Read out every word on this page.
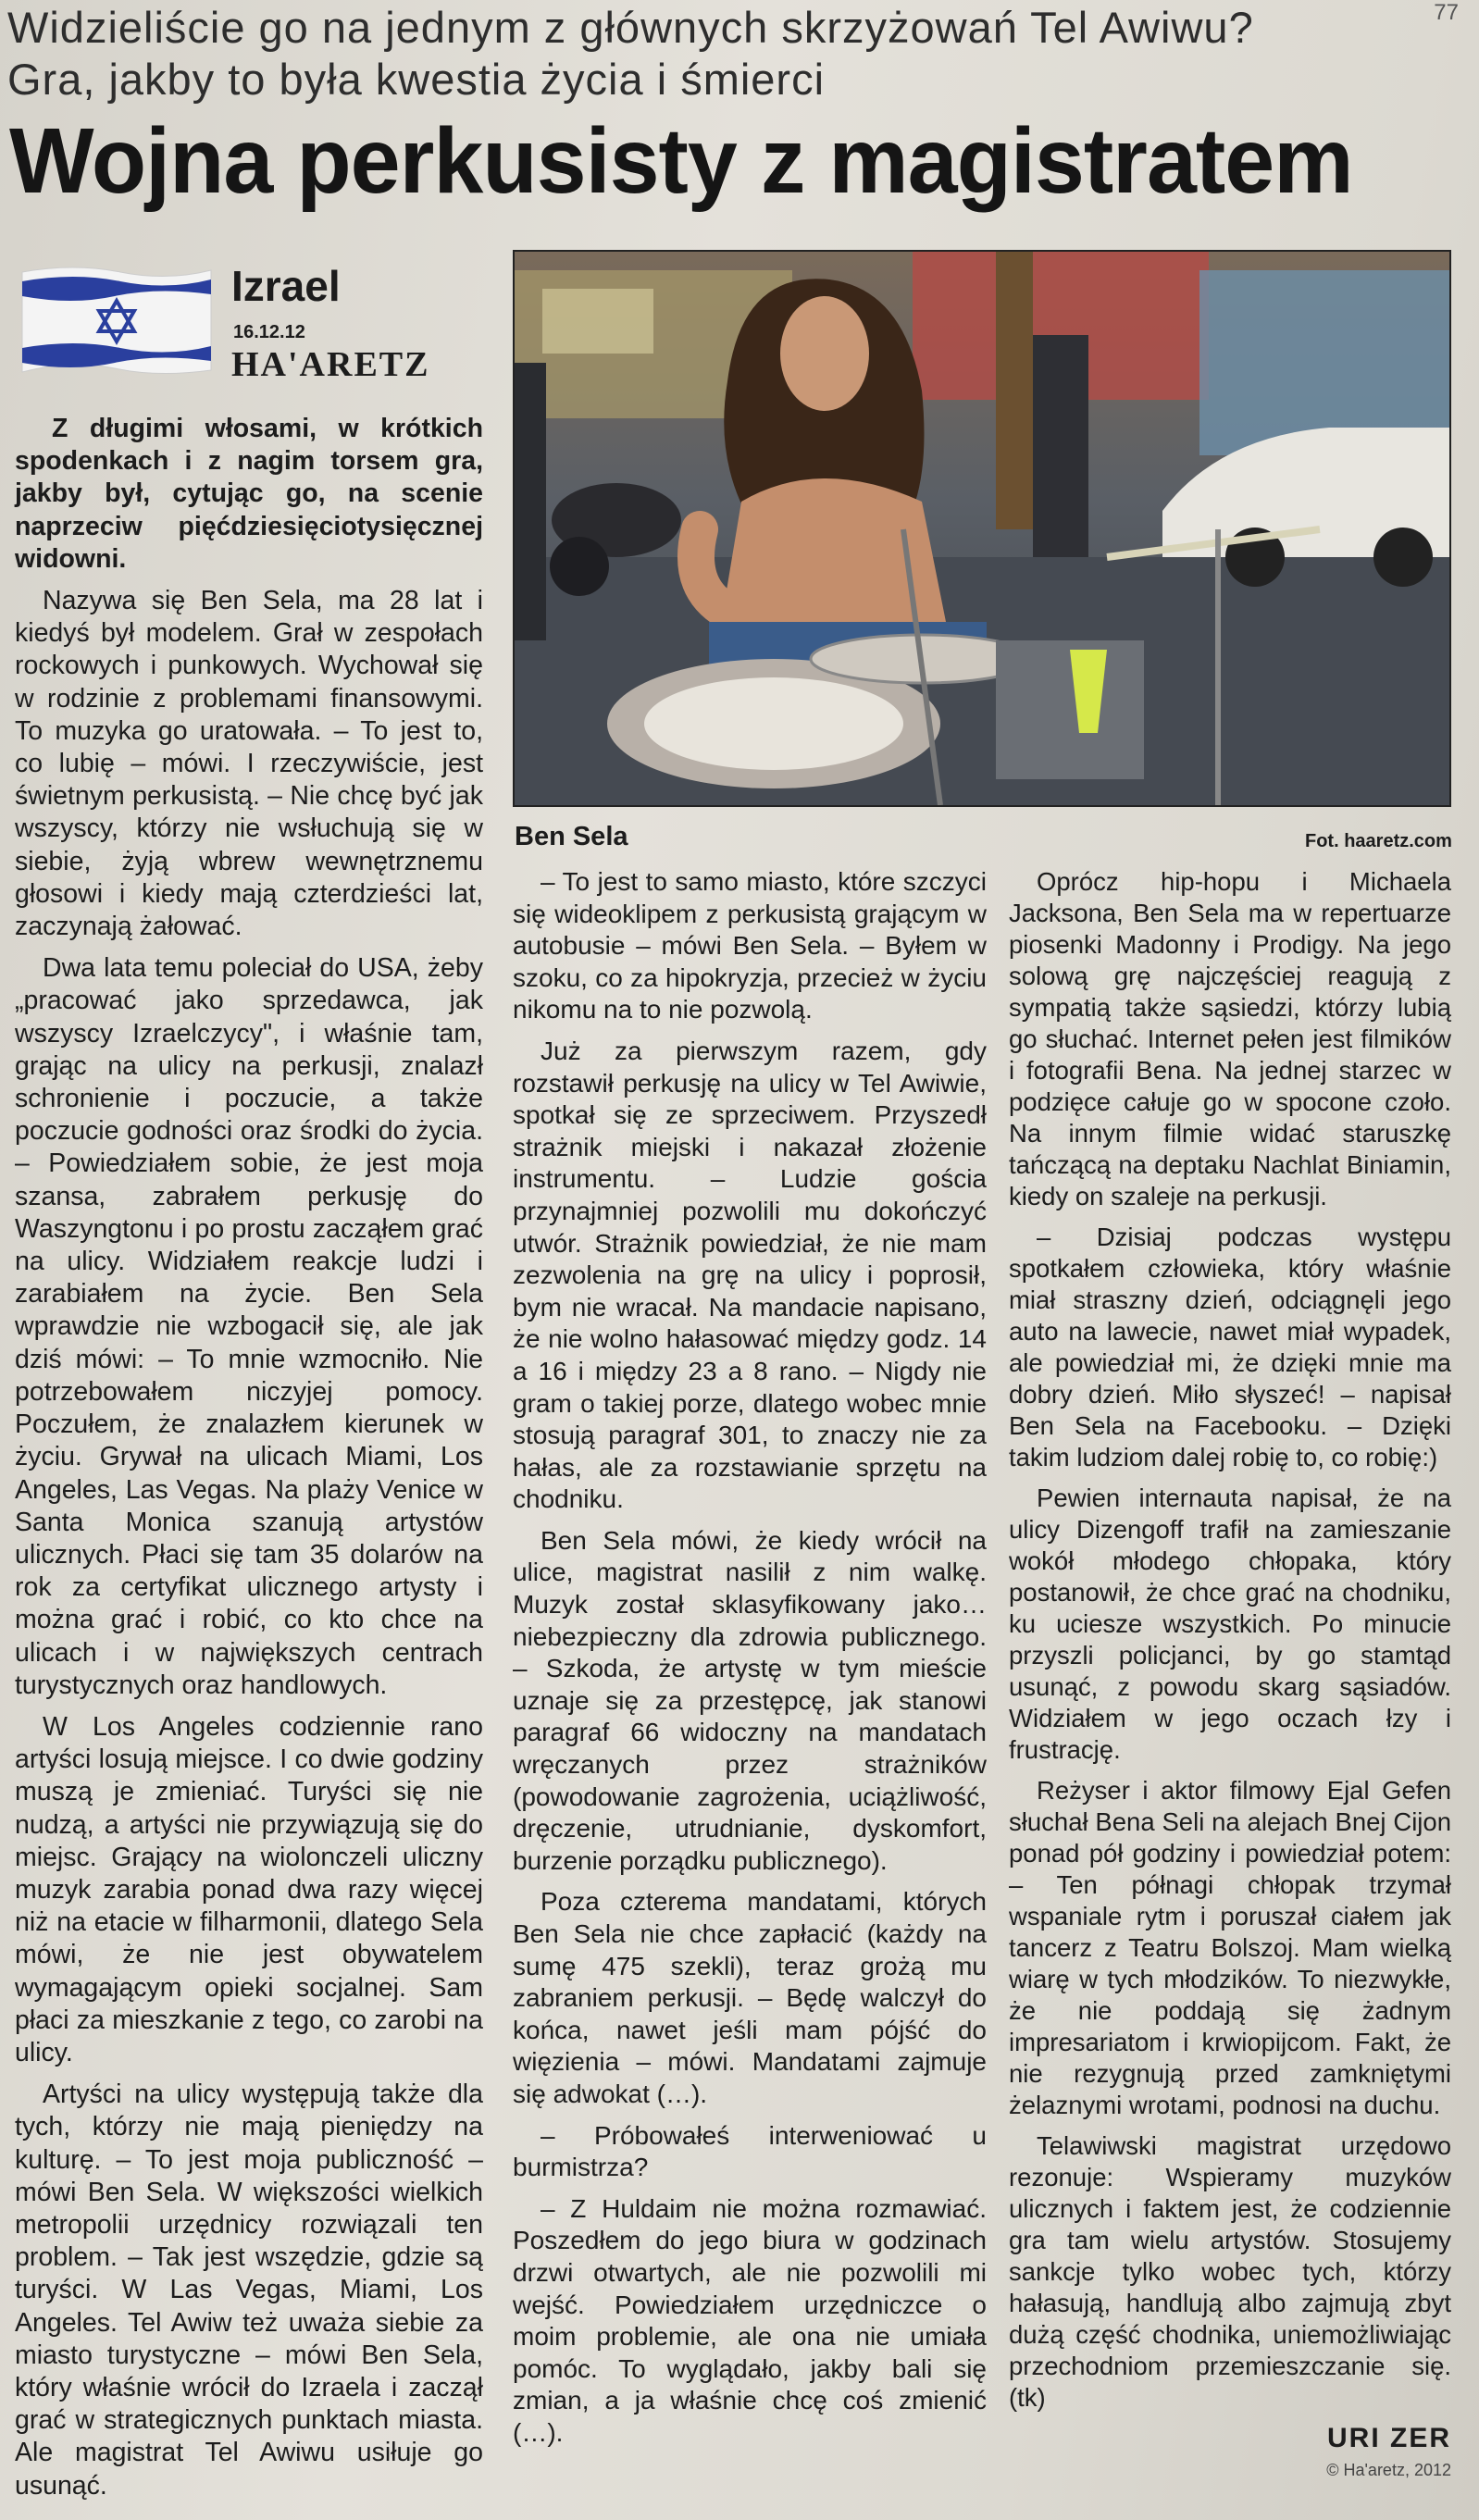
77
Widzieliście go na jednym z głównych skrzyżowań Tel Awiwu?
Gra, jakby to była kwestia życia i śmierci
Wojna perkusisty z magistratem
Izrael
16.12.12
HA'ARETZ
Ben Sela	Fot. haaretz.com

Z długimi włosami, w krótkich spodenkach i z nagim torsem gra, jakby był, cytując go, na scenie naprzeciw pięćdziesięciotysięcznej widowni.

Nazywa się Ben Sela, ma 28 lat i kiedyś był modelem. Grał w zespołach rockowych i punkowych. Wychował się w rodzinie z problemami finansowymi. To muzyka go uratowała. – To jest to, co lubię – mówi. I rzeczywiście, jest świetnym perkusistą. – Nie chcę być jak wszyscy, którzy nie wsłuchują się w siebie, żyją wbrew wewnętrznemu głosowi i kiedy mają czterdzieści lat, zaczynają żałować.

Dwa lata temu poleciał do USA, żeby „pracować jako sprzedawca, jak wszyscy Izraelczycy", i właśnie tam, grając na ulicy na perkusji, znalazł schronienie i poczucie, a także poczucie godności oraz środki do życia. – Powiedziałem sobie, że jest moja szansa, zabrałem perkusję do Waszyngtonu i po prostu zacząłem grać na ulicy. Widziałem reakcje ludzi i zarabiałem na życie. Ben Sela wprawdzie nie wzbogacił się, ale jak dziś mówi: – To mnie wzmocniło. Nie potrzebowałem niczyjej pomocy. Poczułem, że znalazłem kierunek w życiu. Grywał na ulicach Miami, Los Angeles, Las Vegas. Na plaży Venice w Santa Monica szanują artystów ulicznych. Płaci się tam 35 dolarów na rok za certyfikat ulicznego artysty i można grać i robić, co kto chce na ulicach i w największych centrach turystycznych oraz handlowych.

W Los Angeles codziennie rano artyści losują miejsce. I co dwie godziny muszą je zmieniać. Turyści się nie nudzą, a artyści nie przywiązują się do miejsc. Grający na wiolonczeli uliczny muzyk zarabia ponad dwa razy więcej niż na etacie w filharmonii, dlatego Sela mówi, że nie jest obywatelem wymagającym opieki socjalnej. Sam płaci za mieszkanie z tego, co zarobi na ulicy.

Artyści na ulicy występują także dla tych, którzy nie mają pieniędzy na kulturę. – To jest moja publiczność – mówi Ben Sela. W większości wielkich metropolii urzędnicy rozwiązali ten problem. – Tak jest wszędzie, gdzie są turyści. W Las Vegas, Miami, Los Angeles. Tel Awiw też uważa siebie za miasto turystyczne – mówi Ben Sela, który właśnie wrócił do Izraela i zaczął grać w strategicznych punktach miasta. Ale magistrat Tel Awiwu usiłuje go usunąć.

– To jest to samo miasto, które szczyci się wideoklipem z perkusistą grającym w autobusie – mówi Ben Sela. – Byłem w szoku, co za hipokryzja, przecież w życiu nikomu na to nie pozwolą.

Już za pierwszym razem, gdy rozstawił perkusję na ulicy w Tel Awiwie, spotkał się ze sprzeciwem. Przyszedł strażnik miejski i nakazał złożenie instrumentu. – Ludzie gościa przynajmniej pozwolili mu dokończyć utwór. Strażnik powiedział, że nie mam zezwolenia na grę na ulicy i poprosił, bym nie wracał. Na mandacie napisano, że nie wolno hałasować między godz. 14 a 16 i między 23 a 8 rano. – Nigdy nie gram o takiej porze, dlatego wobec mnie stosują paragraf 301, to znaczy nie za hałas, ale za rozstawianie sprzętu na chodniku.

Ben Sela mówi, że kiedy wrócił na ulice, magistrat nasilił z nim walkę. Muzyk został sklasyfikowany jako… niebezpieczny dla zdrowia publicznego. – Szkoda, że artystę w tym mieście uznaje się za przestępcę, jak stanowi paragraf 66 widoczny na mandatach wręczanych przez strażników (powodowanie zagrożenia, uciążliwość, dręczenie, utrudnianie, dyskomfort, burzenie porządku publicznego).

Poza czterema mandatami, których Ben Sela nie chce zapłacić (każdy na sumę 475 szekli), teraz grożą mu zabraniem perkusji. – Będę walczył do końca, nawet jeśli mam pójść do więzienia – mówi. Mandatami zajmuje się adwokat (…).

– Próbowałeś interweniować u burmistrza?

– Z Huldaim nie można rozmawiać. Poszedłem do jego biura w godzinach drzwi otwartych, ale nie pozwolili mi wejść. Powiedziałem urzędniczce o moim problemie, ale ona nie umiała pomóc. To wyglądało, jakby bali się zmian, a ja właśnie chcę coś zmienić (…).

Oprócz hip-hopu i Michaela Jacksona, Ben Sela ma w repertuarze piosenki Madonny i Prodigy. Na jego solową grę najczęściej reagują z sympatią także sąsiedzi, którzy lubią go słuchać. Internet pełen jest filmików i fotografii Bena. Na jednej starzec w podzięce całuje go w spocone czoło. Na innym filmie widać staruszkę tańczącą na deptaku Nachlat Biniamin, kiedy on szaleje na perkusji.

– Dzisiaj podczas występu spotkałem człowieka, który właśnie miał straszny dzień, odciągnęli jego auto na lawecie, nawet miał wypadek, ale powiedział mi, że dzięki mnie ma dobry dzień. Miło słyszeć! – napisał Ben Sela na Facebooku. – Dzięki takim ludziom dalej robię to, co robię:)

Pewien internauta napisał, że na ulicy Dizengoff trafił na zamieszanie wokół młodego chłopaka, który postanowił, że chce grać na chodniku, ku uciesze wszystkich. Po minucie przyszli policjanci, by go stamtąd usunąć, z powodu skarg sąsiadów. Widziałem w jego oczach łzy i frustrację.

Reżyser i aktor filmowy Ejal Gefen słuchał Bena Seli na alejach Bnej Cijon ponad pół godziny i powiedział potem: – Ten półnagi chłopak trzymał wspaniale rytm i poruszał ciałem jak tancerz z Teatru Bolszoj. Mam wielką wiarę w tych młodzików. To niezwykłe, że nie poddają się żadnym impresariatom i krwiopijcom. Fakt, że nie rezygnują przed zamkniętymi żelaznymi wrotami, podnosi na duchu.

Telawiwski magistrat urzędowo rezonuje: Wspieramy muzyków ulicznych i faktem jest, że codziennie gra tam wielu artystów. Stosujemy sankcje tylko wobec tych, którzy hałasują, handlują albo zajmują zbyt dużą część chodnika, uniemożliwiając przechodniom przemieszczanie się. (tk)

URI ZER
© Ha'aretz, 2012
